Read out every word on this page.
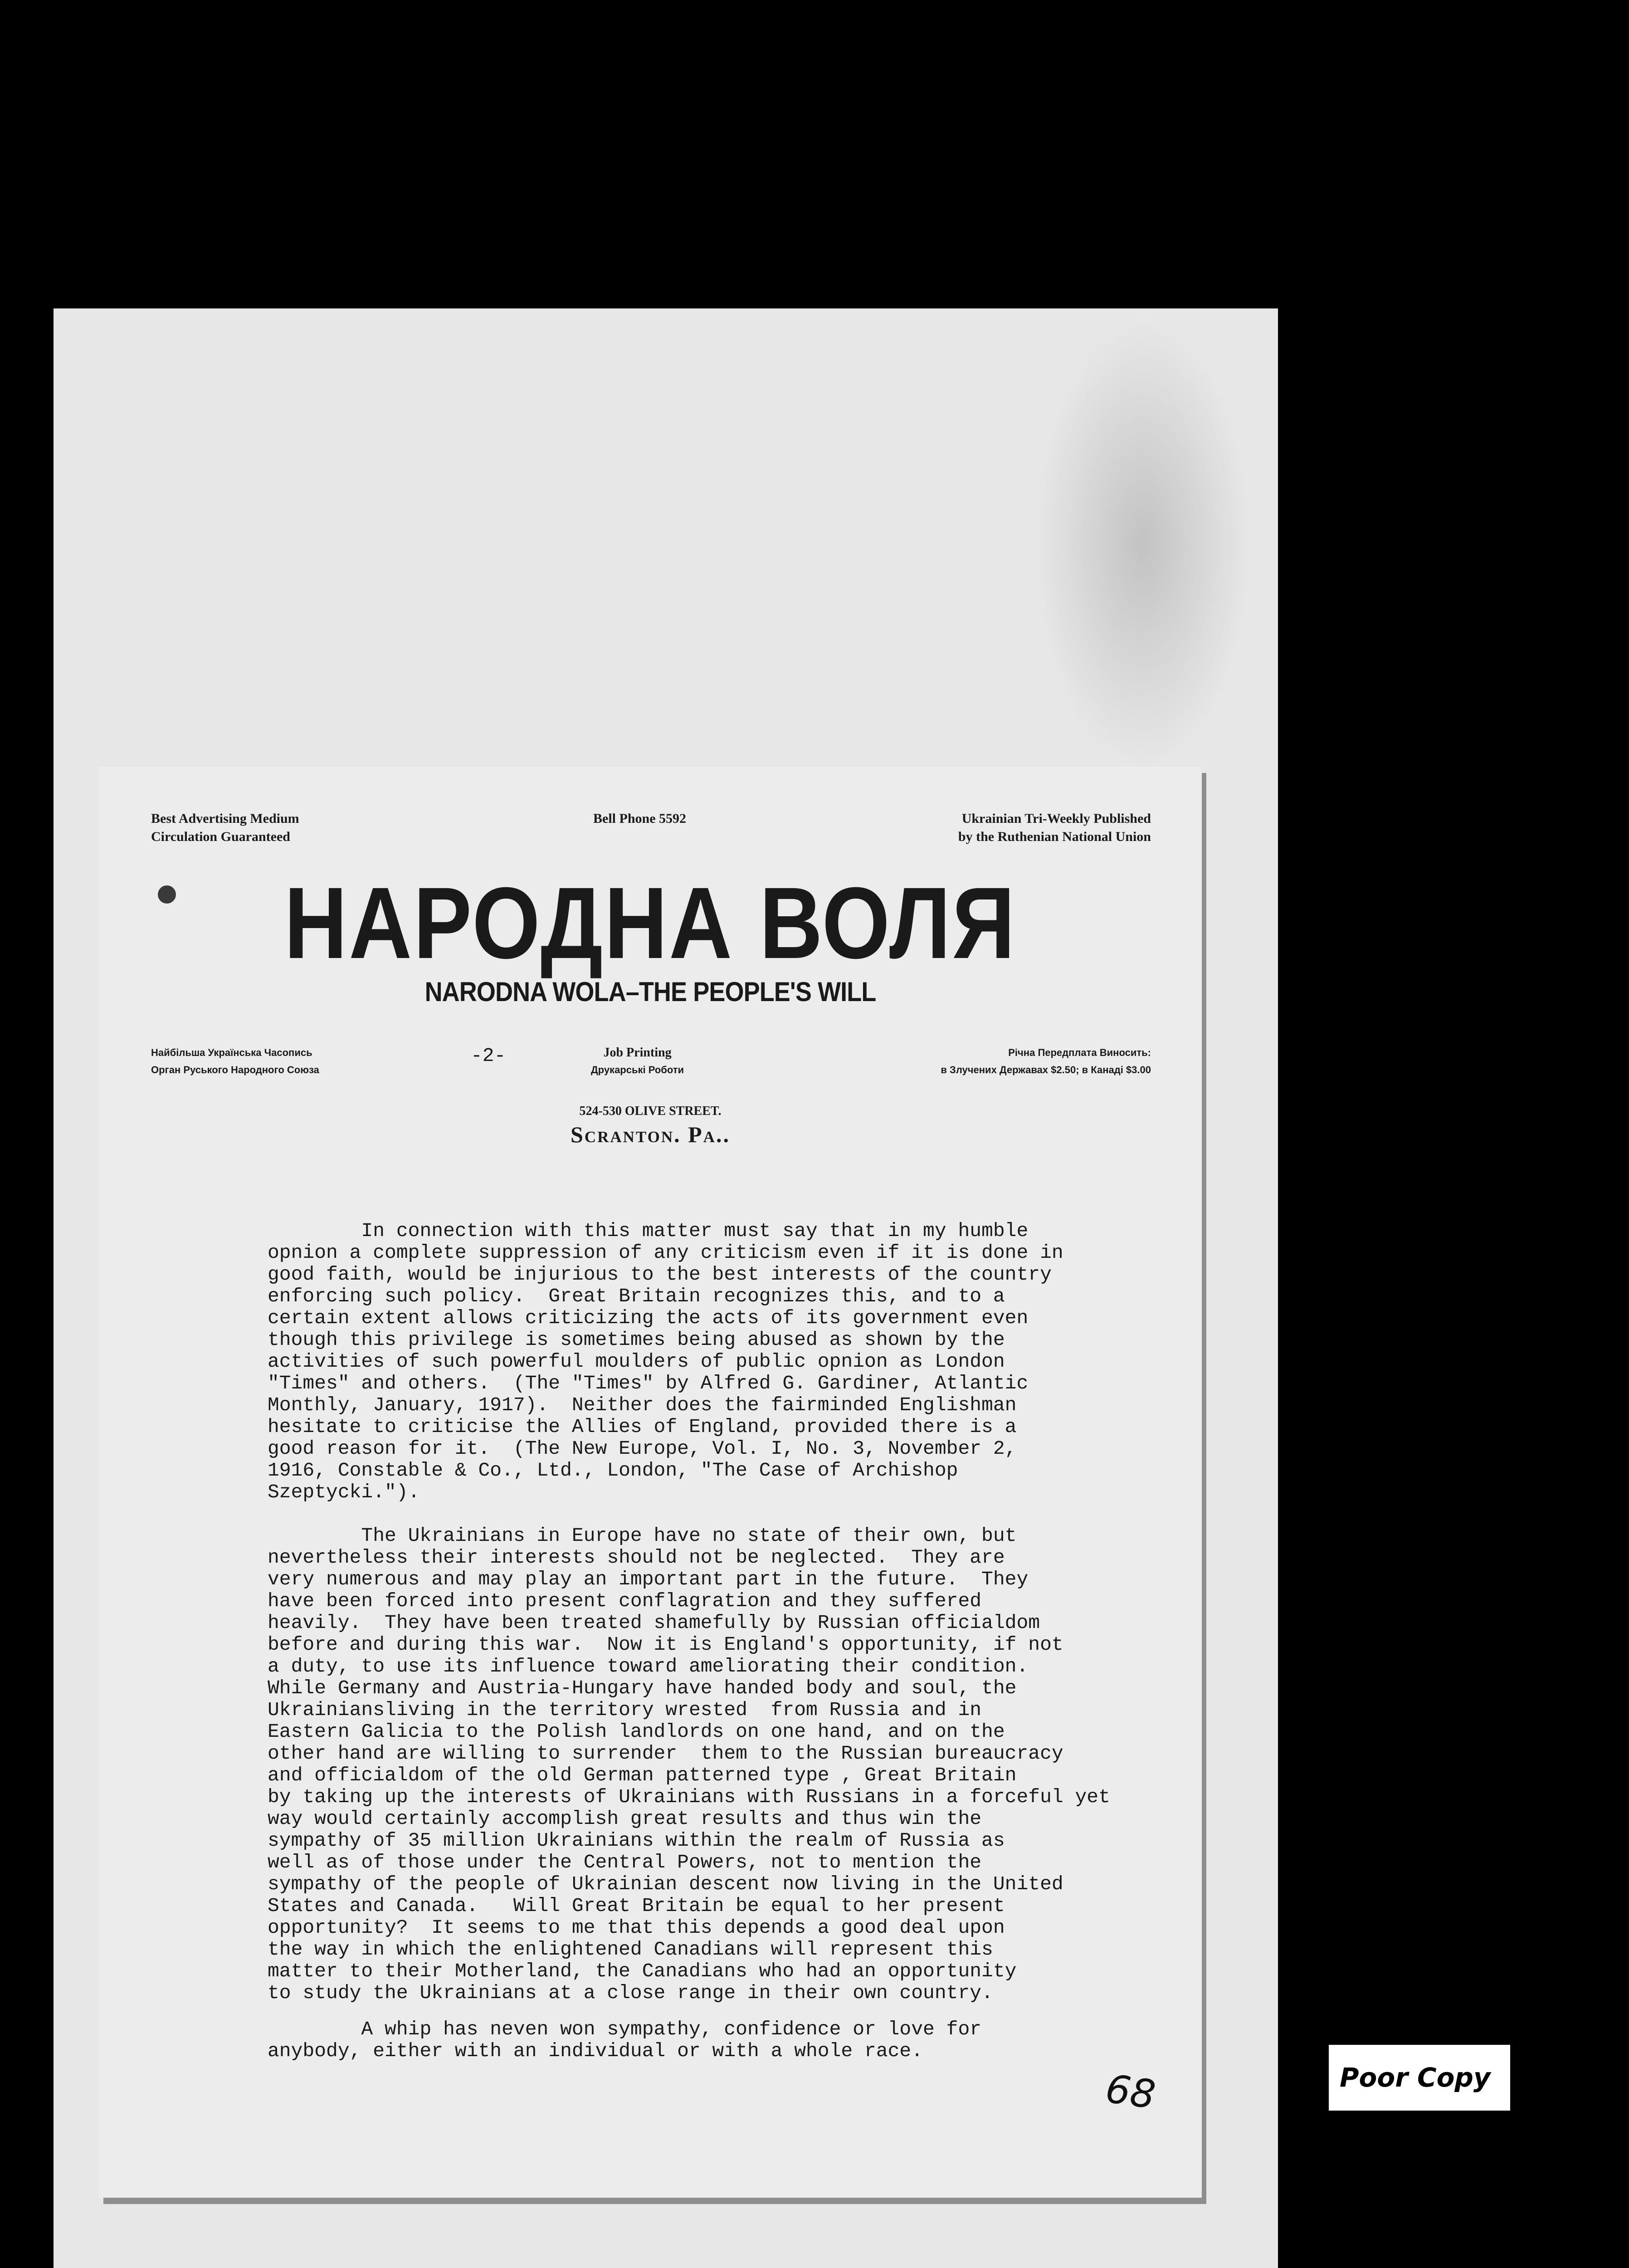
Best Advertising Medium
Circulation Guaranteed
Bell Phone 5592	Ukrainian Tri-Weekly Published
by the Ruthenian National Union
НАРОДНА ВОЛЯ
NARODNA WOLA–THE PEOPLE'S WILL
Найбільша Українська Часопись
Орган Руського Народного Союза
-2-	Job Printing
Друкарські Роботи
Річна Передплата Виносить:
в Злучених Державах $2.50; в Канаді $3.00
524-530 OLIVE STREET.
Scranton. Pa..
In connection with this matter must say that in my humble
opnion a complete suppression of any criticism even if it is done in
good faith, would be injurious to the best interests of the country
enforcing such policy.  Great Britain recognizes this, and to a
certain extent allows criticizing the acts of its government even
though this privilege is sometimes being abused as shown by the
activities of such powerful moulders of public opnion as London
"Times" and others.  (The "Times" by Alfred G. Gardiner, Atlantic
Monthly, January, 1917).  Neither does the fairminded Englishman
hesitate to criticise the Allies of England, provided there is a
good reason for it.  (The New Europe, Vol. I, No. 3, November 2,
1916, Constable & Co., Ltd., London, "The Case of Archishop
Szeptycki.").
The Ukrainians in Europe have no state of their own, but
nevertheless their interests should not be neglected.  They are
very numerous and may play an important part in the future.  They
have been forced into present conflagration and they suffered
heavily.  They have been treated shamefully by Russian officialdom
before and during this war.  Now it is England's opportunity, if not
a duty, to use its influence toward ameliorating their condition.
While Germany and Austria-Hungary have handed body and soul, the
Ukrainiansliving in the territory wrested  from Russia and in
Eastern Galicia to the Polish landlords on one hand, and on the
other hand are willing to surrender  them to the Russian bureaucracy
and officialdom of the old German patterned type , Great Britain
by taking up the interests of Ukrainians with Russians in a forceful yet
way would certainly accomplish great results and thus win the
sympathy of 35 million Ukrainians within the realm of Russia as
well as of those under the Central Powers, not to mention the
sympathy of the people of Ukrainian descent now living in the United
States and Canada.   Will Great Britain be equal to her present
opportunity?  It seems to me that this depends a good deal upon
the way in which the enlightened Canadians will represent this
matter to their Motherland, the Canadians who had an opportunity
to study the Ukrainians at a close range in their own country.
A whip has neven won sympathy, confidence or love for
anybody, either with an individual or with a whole race.
68	Poor Copy
